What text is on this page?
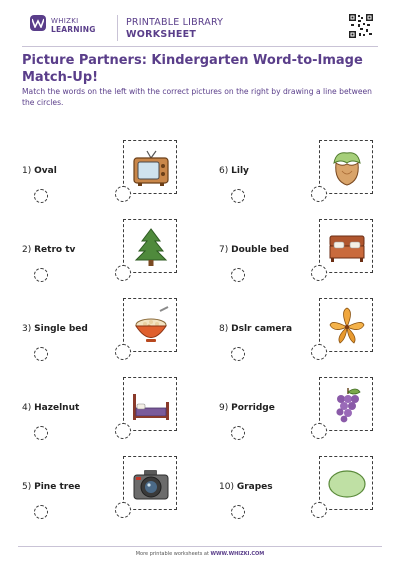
WHIZKI
LEARNING
PRINTABLE LIBRARY
WORKSHEET
Picture Partners: Kindergarten Word-to-Image Match-Up!

Match the words on the left with the correct pictures on the right by drawing a line between the circles.

1) Oval
2) Retro tv
3) Single bed
4) Hazelnut
5) Pine tree
6) Lily
7) Double bed
8) Dslr camera
9) Porridge
10) Grapes
More printable worksheets at WWW.WHIZKI.COM
